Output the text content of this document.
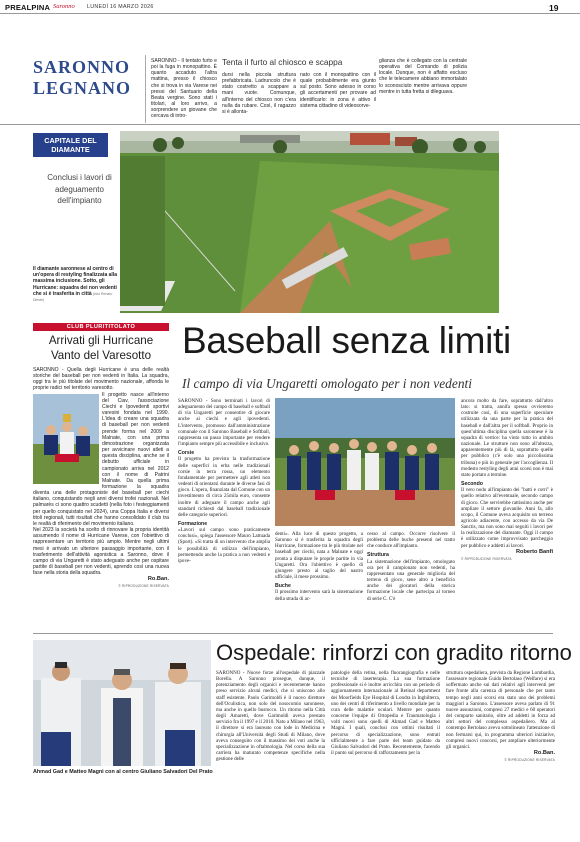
PREALPINA Saronno LUNEDÌ 16 MARZO 2026	19
SARONNO
LEGNANO
SARONNO - Il tentato furto e poi la fuga in monopattino. È quanto accaduto l'altra mattina, presso il chiosco che si trova in via Varese nei pressi del Santuario della Beata vergine. Sono stati i titolari, al loro arrivo, a sorprendere un giovane che cercava di intro-
Tenta il furto al chiosco e scappa
dursi nella piccola struttura prefabbricata. Ladruncolo che è stato costretto a scappare a mani vuote. Comunque, all'interno del chiosco non c'era nulla da rubare. Così, il ragazzo si è allonta-
nato con il monopattino con il quale probabilmente era giunto sul posto. Sono adesso in corso gli accertamenti per provare ad identificarlo: in zona è attivo il sistema cittadino di videosorve-
glianza che è collegato con la centrale operativa del Comando di polizia locale. Dunque, non è affatto escluso che le telecamere abbiano immortalato lo sconosciuto mentre arrivava oppure mentre in tutta fretta si dileguava.
CAPITALE DEL DIAMANTE
Conclusi i lavori di adeguamento dell'impianto
Il diamante saronnese al centro di un'opera di restyling finalizzata alla massima inclusione. Sotto, gli Hurricane: squadra dei non vedenti che si è trasferita in città (foto Renato Dieste)
CLUB PLURITITOLATO
Arrivati gli Hurricane Vanto del Varesotto

SARONNO - Quella degli Hurricane è una delle realtà storiche del baseball per non vedenti in Italia. La squadra, oggi tra le più titolate del movimento nazionale, affonda le proprie radici nel territorio varesotto.

Il progetto nasce all'interno del Ciav, l'associazione Ciechi e Ipovedenti sportivi varesini fondata nel 1990. L'idea di creare una squadra di baseball per non vedenti prende forma nel 2009 a Malnate, con una prima dimostrazione organizzata per avvicinare nuovi atleti a questa disciplina, anche se il debutto ufficiale in campionato arriva nel 2012 con il nome di Patrini Malnate. Da quella prima formazione la squadra diventa una delle protagoniste del baseball per ciechi italiano, conquistando negli anni diversi trofei nazionali. Nel palmarès ci sono quattro scudetti (nella foto i festeggiamenti per quello conquistato nel 2024), una Coppa Italia e diversi titoli regionali, tutti risultati che hanno consolidato il club tra le realtà di riferimento del movimento italiano.

Nel 2023 la società ha scelto di rinnovare la propria identità assumendo il nome di Hurricane Varese, con l'obiettivo di rappresentare un territorio più ampio. Mentre negli ultimi mesi è arrivato un ulteriore passaggio importante, con il trasferimento dell'attività agonistica a Saronno, dove il campo di via Ungaretti è stato adeguato anche per ospitare partite di baseball per non vedenti, aprendo così una nuova fase nella storia della squadra.

Ro.Ban.
© RIPRODUZIONE RISERVATA
Baseball senza limiti
Il campo di via Ungaretti omologato per i non vedenti

SARONNO - Sono terminati i lavori di adeguamento del campo di baseball e softball di via Ungaretti per consentire di giocare anche ai ciechi e agli ipovedenti. L'intervento, promosso dall'amministrazione comunale con il Saronno Baseball e Softball, rappresenta un passo importante per rendere l'impianto sempre più accessibile e inclusivo.

Corsie

Il progetto ha previsto la trasformazione delle superfici in erba nelle tradizionali corsie in terra rossa, un elemento fondamentale per permettere agli atleti non vedenti di orientarsi durante le diverse fasi di gioco. L'opera, finanziata dal Comune con un investimento di circa 25mila euro, consente inoltre di adeguare il campo anche agli standard richiesti dal baseball tradizionale delle categorie superiori.

Formazione

«Lavori sul campo sono praticamente conclusi», spiega l'assessore Mauro Lattuada (Sport). «Si tratta di un intervento che amplia le possibilità di utilizzo dell'impianto, permettendo anche la pratica a non vedenti e ipove-

denti». Alla luce di questo progetto, a Saronno si è trasferita la squadra degli Hurricane, formazione tra le più titolate nel baseball per ciechi, nata a Malnate e oggi pronta a disputare le proprie partite in via Ungaretti. Ora l'obiettivo è quello di giungere presto al taglio del nastro ufficiale, il mese prossimo.

Buche

Il prossimo intervento sarà la sistemazione della strada di ac-

cesso al campo. Occorre risolvere il problema delle buche presenti nel tratto che conduce all'impianto.

Struttura

La sistemazione dell'impianto, omologato ora per il campionato non vedenti, ha rappresentato una generale miglioria del terreno di gioco, sene altro a beneficio anche dei giocatori della storica formazione locale che partecipa al torneo di serie C. C'è

ancora molto da fare, soprattutto dall'altro lato: si tratta, annifa spesso ovvieremo costruite così, di una superficie speculare utilizzata da una parte per la pratica del baseball e dall'altra per il softball. Proprio in quest'ultima disciplina quella saronnese è la squadra di vertice: ha vinto tutto in ambito nazionale. Le strutture non sono all'altezza, apparentemente più di là, soprattutto quelle per pubblico (c'è solo una piccolissima tribuna) e più in generale per l'accoglienza. Il modesto restyling degli anni scorsi non è mai stato portato a termine.

Secondo

Il vero nodo all'impianto dei "batti e corri" è quello relativo all'eventuale, secondo campo di gioco. Che servirebbe rattissimo anche per ampliare il settore giovanile. Anni fa, allo scopo, il Comune aveva acquisito un terreno agricolo adiacente, con accesso da via De Sanctis, ma non sono mai seguiti i lavori per la realizzazione del diamante. Oggi il campo è utilizzato come improvvisato parcheggio per pubblico e addetti ai lavori.

Roberto Banfi
© RIPRODUZIONE RISERVATA
Ahmad Gad e Matteo Magni con al centro Giuliano Salvadori Del Prato
Ospedale: rinforzi con gradito ritorno
SARONNO - Nuove forze all'ospedale di piazzale Borella. A Saronno prosegue, dunque, il potenziamento degli organici e recentemente hanno preso servizio alcuni medici, che si uniscono allo staff esistente. Paolo Garimoldi è il nuovo direttore dell'Oculistica, non solo del nosocomio saronnese, ma anche in quello bustocco. Un ritorno nella Città degli Amaretti, dove Garimoldi aveva prestato servizio fra il 1997 e il 2010. Nato a Milano nel 1963, il direttore si era laureato con lode in Medicina e chirurgia all'Università degli Studi di Milano, dove aveva conseguito con il massimo dei voti anche la specializzazione in oftalmologia. Nel corso della sua carriera ha maturato competenze specifiche nella gestione delle
patologie della retina, nella fluorangiografia e nelle tecniche di laserterapia. La sua formazione professionale si è inoltre arricchita con un periodo di aggiornamento internazionale al Retinal department dei Moorfields Eye Hospital di Londra in Inghilterra, uno dei centri di riferimento a livello mondiale per la cura delle malattie oculari. Mentre per quanto concerne l'equipe di Ortopedia e Traumatologia i volti nuovi sono quelli di Ahmad Gad e Matteo Magni. I quali, conclusi con ottimi risultati il percorso di specializzazione, sono entrati ufficialmente a fare parte del team guidato da Giuliano Salvadori del Prato. Recentemente, facendo il punto sul percorso di rafforzamento per la

struttura ospedaliera, prevista da Regione Lombardia, l'assessore regionale Guido Bertolaso (Welfare) si era soffermato anche sui dati relativi agli interventi per fare fronte alla carenza di personale che per tanto tempo negli anni scorsi era stato uno dei problemi maggiori a Saronno. L'assessore aveva parlato di 91 nuove assunzioni, compresi 27 medici e 60 operatori del comparto sanitario, oltre ad addetti in forza ad altri settori del complesso ospedaliero. Ma al contempo Bertolaso aveva sottolineato l'attenzione di non fermarsi qui, in programma ulteriori iniziative, compresi nuovi concorsi, per ampliare ulteriormente gli organici.

Ro.Ban.
© RIPRODUZIONE RISERVATA
